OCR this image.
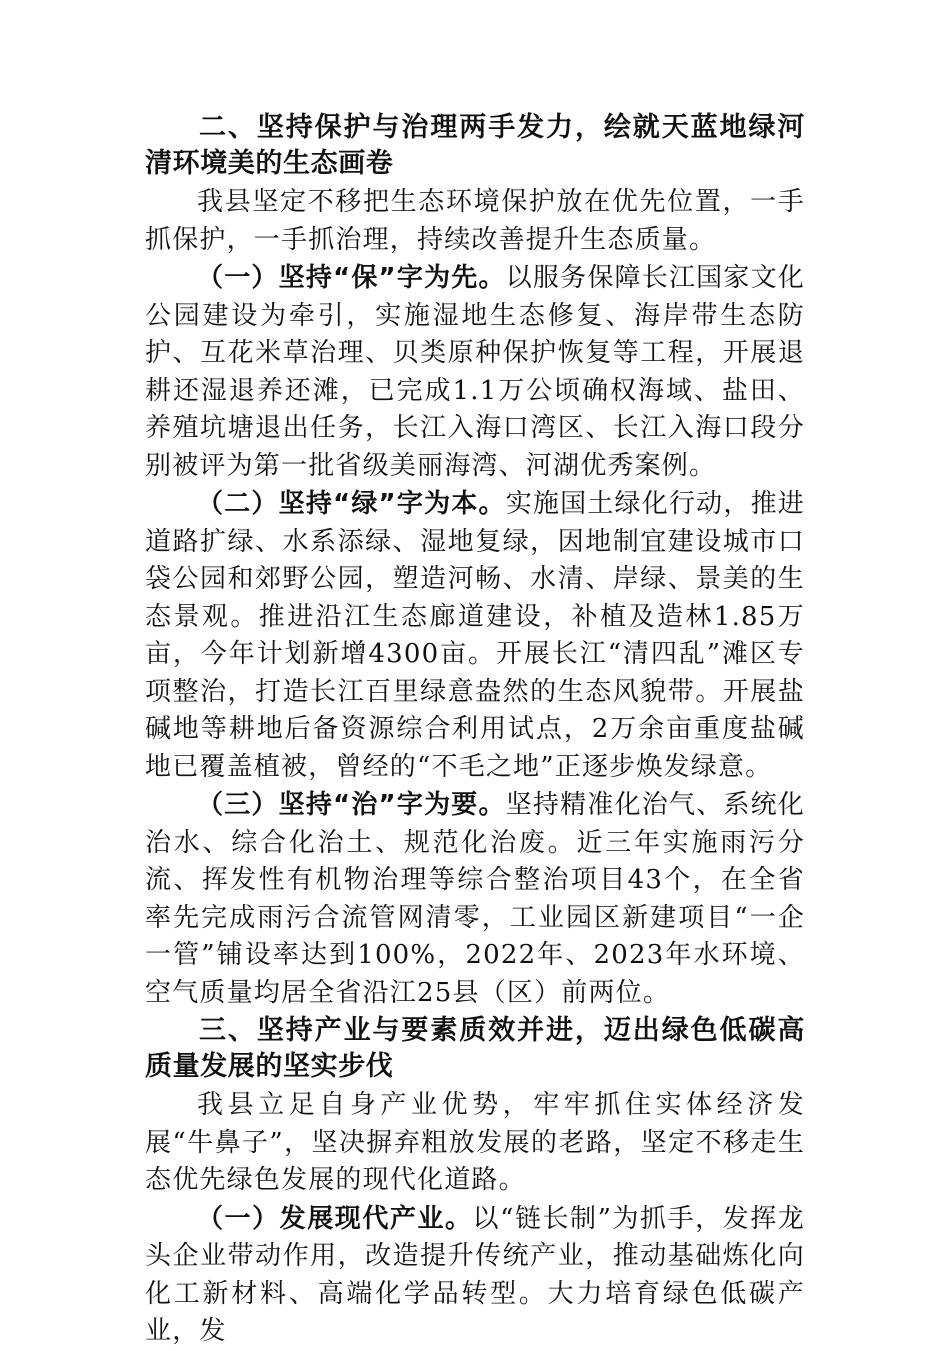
二、坚持保护与治理两手发力，绘就天蓝地绿河清环境美的生态画卷

我县坚定不移把生态环境保护放在优先位置，一手抓保护，一手抓治理，持续改善提升生态质量。

（一）坚持“保”字为先。以服务保障长江国家文化公园建设为牵引，实施湿地生态修复、海岸带生态防护、互花米草治理、贝类原种保护恢复等工程，开展退耕还湿退养还滩，已完成1.1万公顷确权海域、盐田、养殖坑塘退出任务，长江入海口湾区、长江入海口段分别被评为第一批省级美丽海湾、河湖优秀案例。

（二）坚持“绿”字为本。实施国土绿化行动，推进道路扩绿、水系添绿、湿地复绿，因地制宜建设城市口袋公园和郊野公园，塑造河畅、水清、岸绿、景美的生态景观。推进沿江生态廊道建设，补植及造林1.85万亩，今年计划新增4300亩。开展长江“清四乱”滩区专项整治，打造长江百里绿意盎然的生态风貌带。开展盐碱地等耕地后备资源综合利用试点，2万余亩重度盐碱地已覆盖植被，曾经的“不毛之地”正逐步焕发绿意。

（三）坚持“治”字为要。坚持精准化治气、系统化治水、综合化治土、规范化治废。近三年实施雨污分流、挥发性有机物治理等综合整治项目43个，在全省率先完成雨污合流管网清零，工业园区新建项目“一企一管”铺设率达到100%，2022年、2023年水环境、空气质量均居全省沿江25县（区）前两位。

三、坚持产业与要素质效并进，迈出绿色低碳高质量发展的坚实步伐

我县立足自身产业优势，牢牢抓住实体经济发展“牛鼻子”，坚决摒弃粗放发展的老路，坚定不移走生态优先绿色发展的现代化道路。

（一）发展现代产业。以“链长制”为抓手，发挥龙头企业带动作用，改造提升传统产业，推动基础炼化向化工新材料、高端化学品转型。大力培育绿色低碳产业，发
